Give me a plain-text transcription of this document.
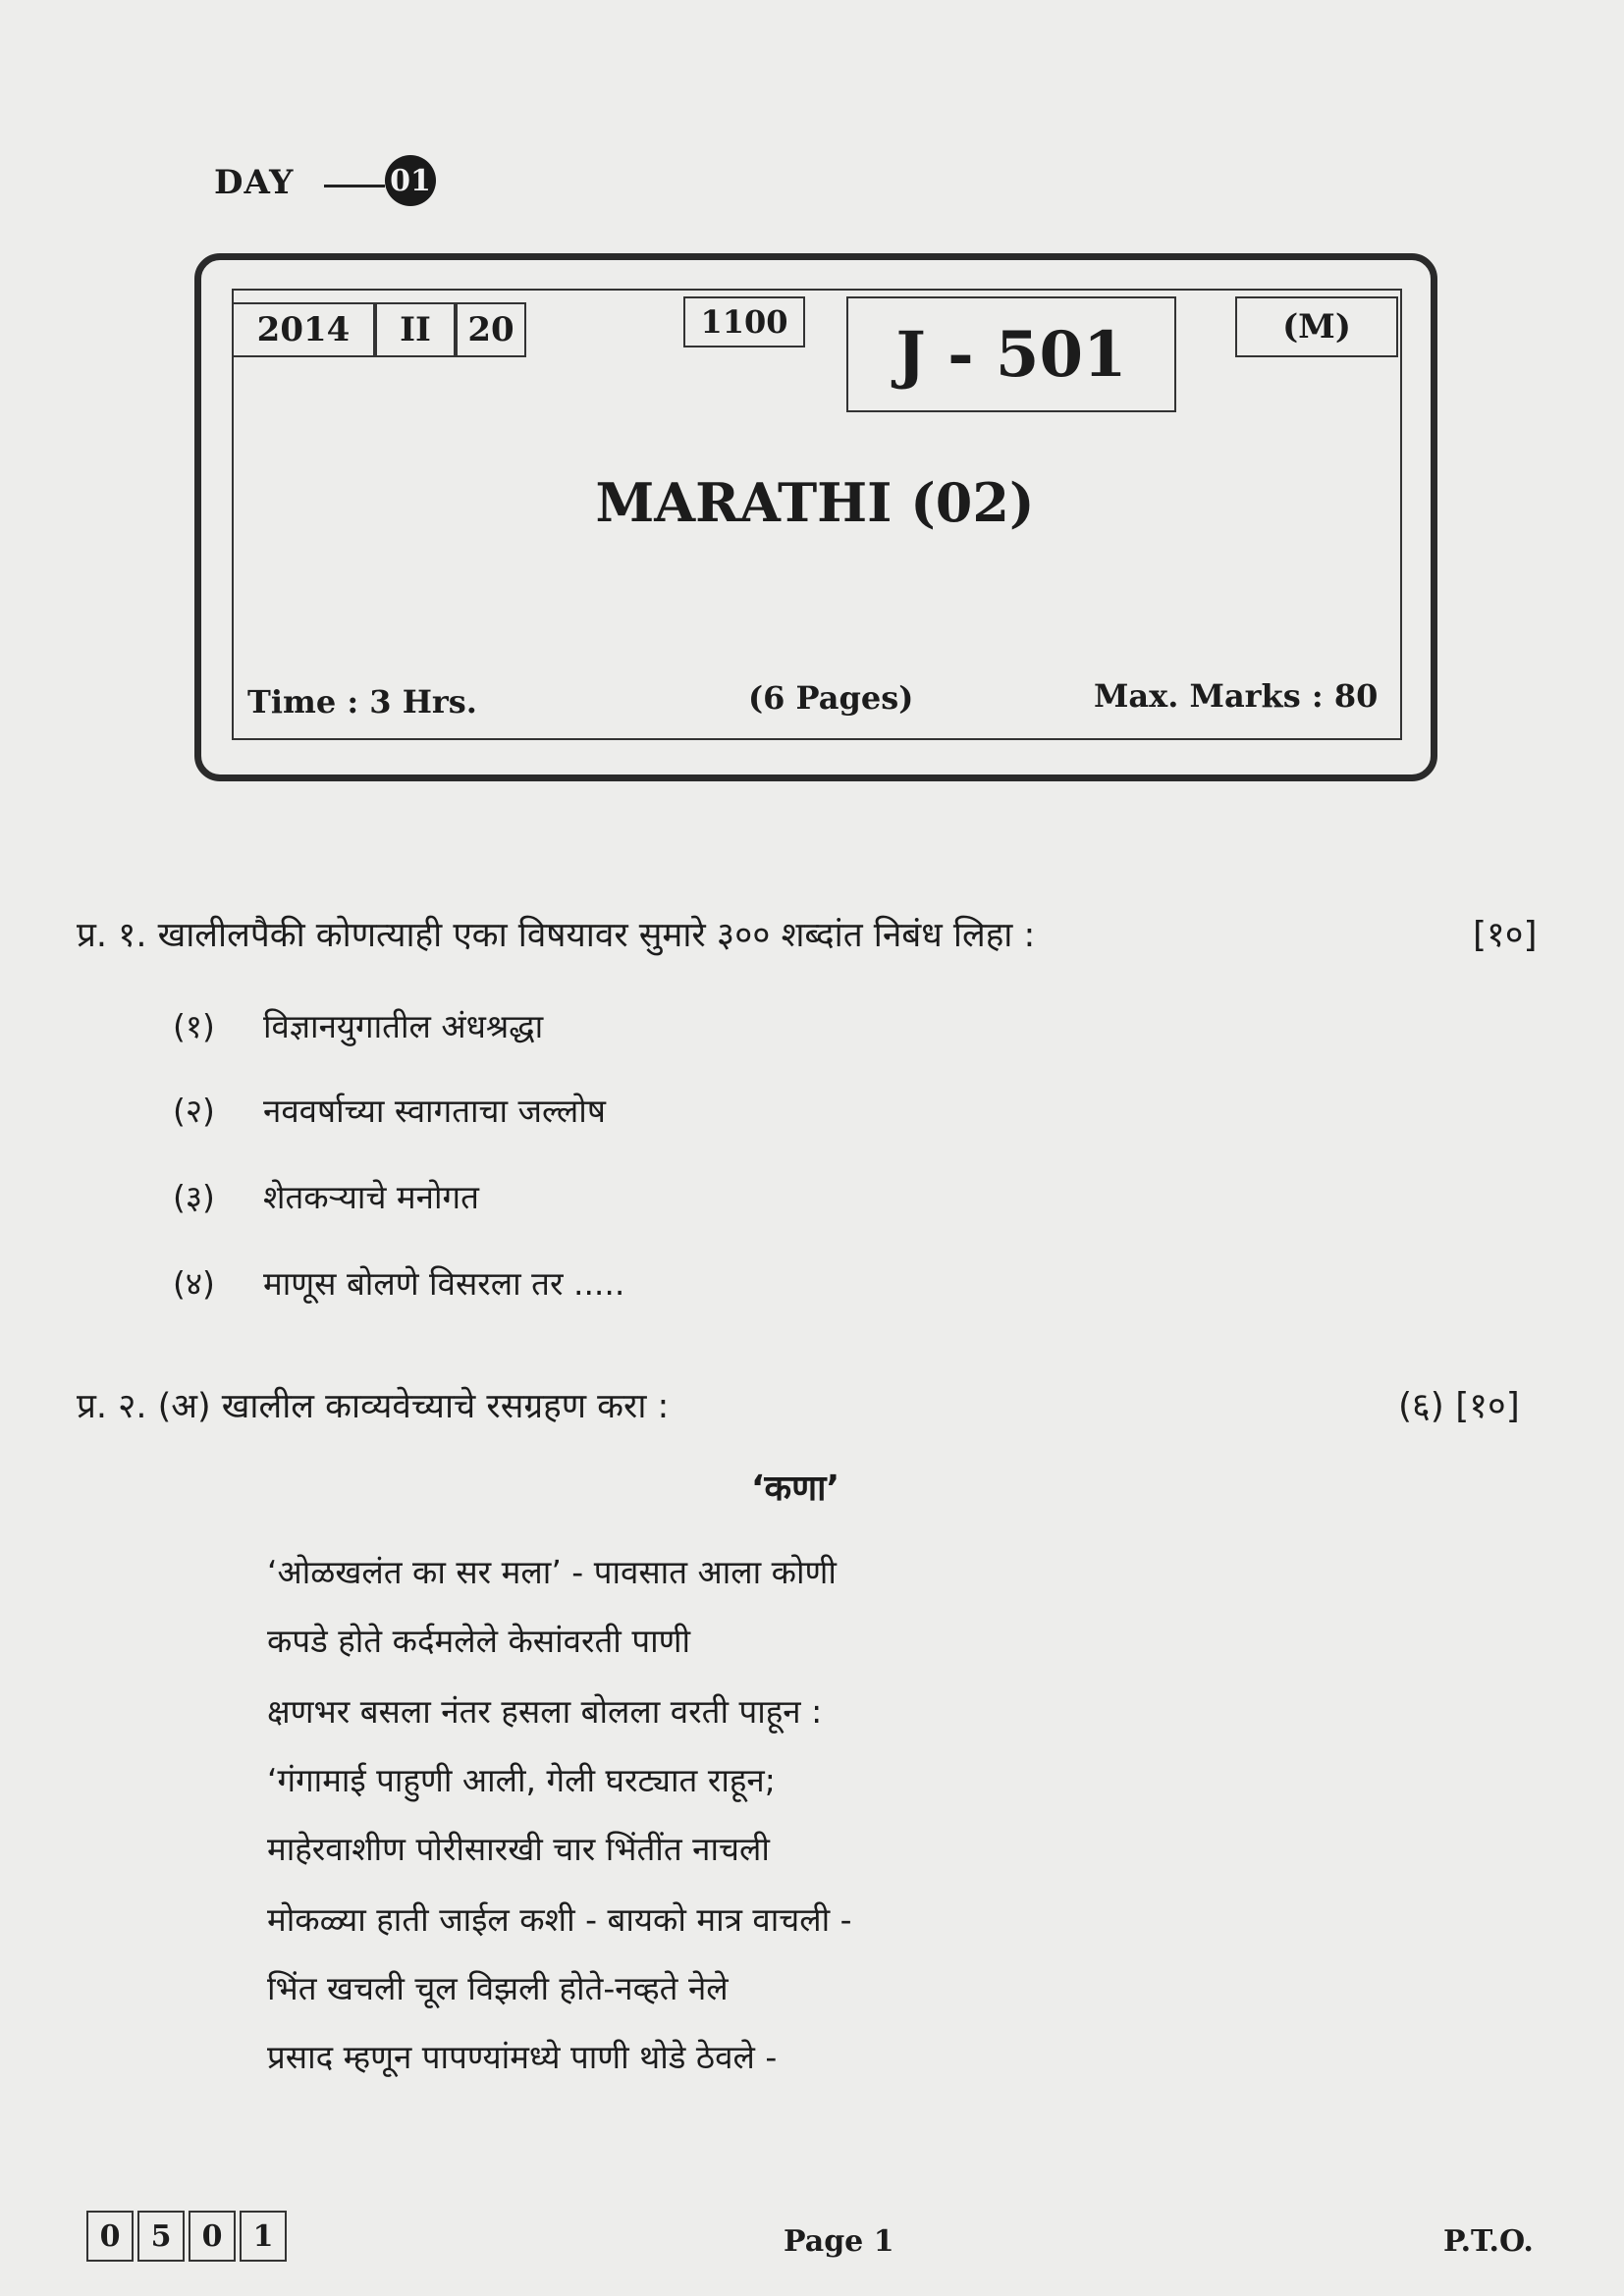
DAY	01
2014	II	20	1100	J - 501	(M)
MARATHI (02)
Time : 3 Hrs.	(6 Pages)	Max. Marks : 80
प्र. १. खालीलपैकी कोणत्याही एका विषयावर सुमारे ३०० शब्दांत निबंध लिहा :	[१०]
(१) विज्ञानयुगातील अंधश्रद्धा
(२) नववर्षाच्या स्वागताचा जल्लोष
(३) शेतकऱ्याचे मनोगत
(४) माणूस बोलणे विसरला तर .....
प्र. २. (अ) खालील काव्यवेच्याचे रसग्रहण करा :	(६) [१०]
‘कणा’
‘ओळखलंत का सर मला’ - पावसात आला कोणी
कपडे होते कर्दमलेले केसांवरती पाणी
क्षणभर बसला नंतर हसला बोलला वरती पाहून :
‘गंगामाई पाहुणी आली, गेली घरट्यात राहून;
माहेरवाशीण पोरीसारखी चार भिंतींत नाचली
मोकळ्या हाती जाईल कशी - बायको मात्र वाचली -
भिंत खचली चूल विझली होते-नव्हते नेले
प्रसाद म्हणून पापण्यांमध्ये पाणी थोडे ठेवले -
0	5	0	1	Page 1	P.T.O.
